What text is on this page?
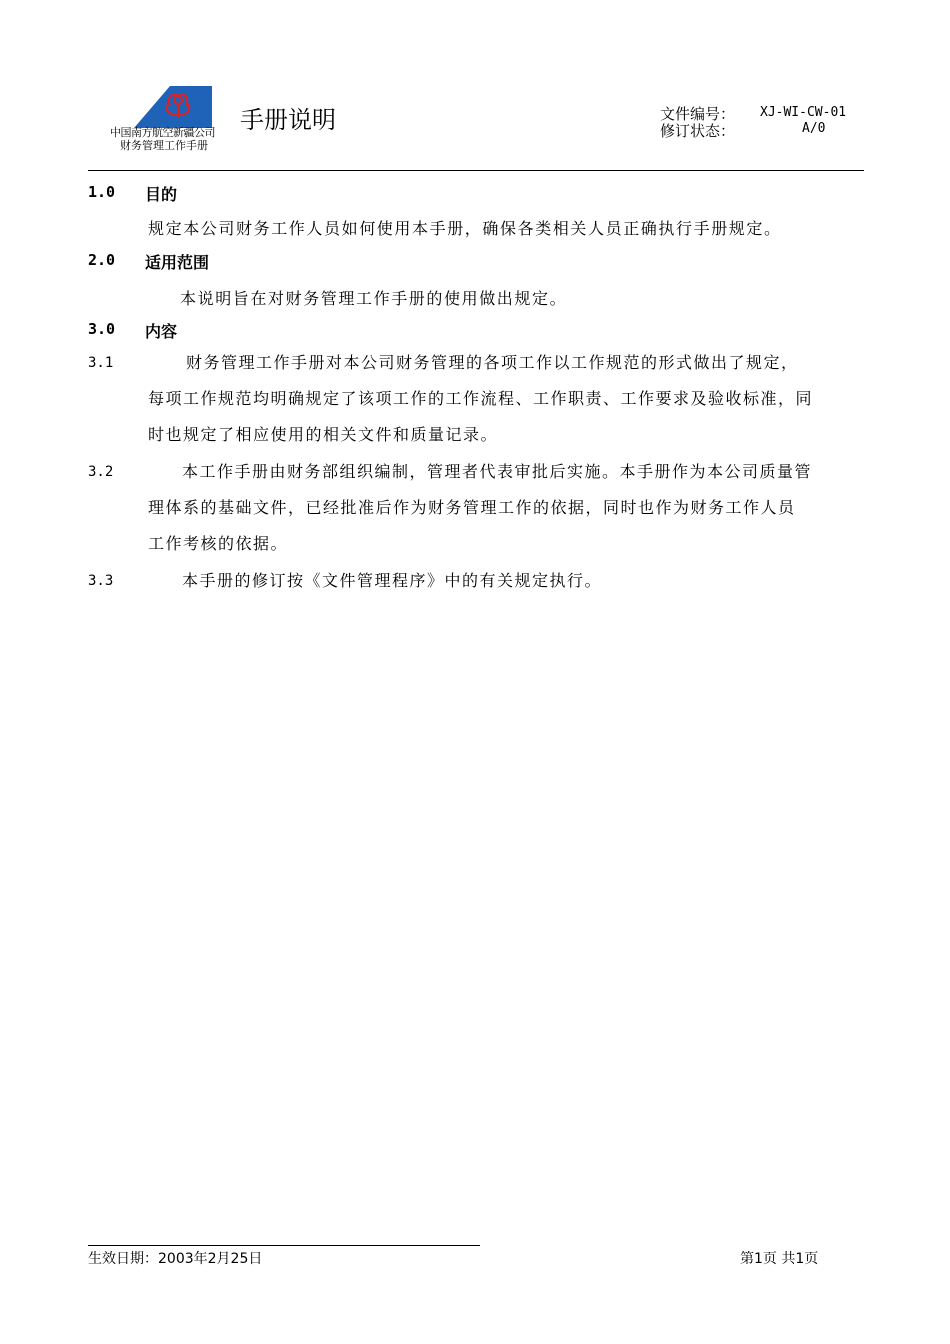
中国南方航空新疆公司
财务管理工作手册
手册说明	文件编号： XJ-WI-CW-01
修订状态：	A/0
1.0 目的
规定本公司财务工作人员如何使用本手册，确保各类相关人员正确执行手册规定。
2.0 适用范围
本说明旨在对财务管理工作手册的使用做出规定。
3.0 内容
3.1	财务管理工作手册对本公司财务管理的各项工作以工作规范的形式做出了规定，
每项工作规范均明确规定了该项工作的工作流程、工作职责、工作要求及验收标准，同
时也规定了相应使用的相关文件和质量记录。
3.2	本工作手册由财务部组织编制，管理者代表审批后实施。本手册作为本公司质量管
理体系的基础文件，已经批准后作为财务管理工作的依据，同时也作为财务工作人员
工作考核的依据。
3.3	本手册的修订按《文件管理程序》中的有关规定执行。
生效日期：2003年2月25日	第1页 共1页
